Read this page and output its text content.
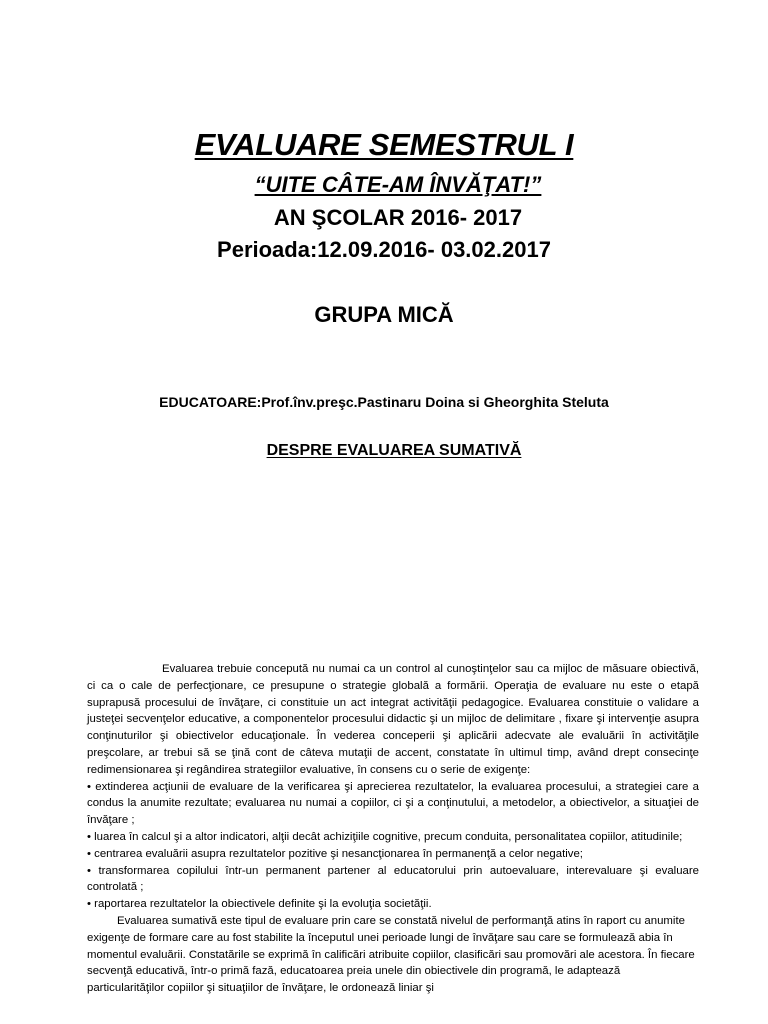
EVALUARE SEMESTRUL I
“UITE CÂTE-AM ÎNVĂŢAT!”
AN ŞCOLAR 2016- 2017
Perioada:12.09.2016- 03.02.2017
GRUPA MICĂ
EDUCATOARE:Prof.înv.preşc.Pastinaru Doina si Gheorghita Steluta
DESPRE EVALUAREA SUMATIVĂ

Evaluarea trebuie concepută nu numai ca un control al cunoştinţelor sau ca mijloc de măsuare obiectivă, ci ca o cale de perfecţionare, ce presupune o strategie globală a formării. Operaţia de evaluare nu este o etapă suprapusă procesului de învăţare, ci constituie un act integrat activităţii pedagogice. Evaluarea constituie o validare a justeţei secvenţelor educative, a componentelor procesului didactic şi un mijloc de delimitare , fixare şi intervenţie asupra conţinuturilor şi obiectivelor educaţionale. În vederea conceperii şi aplicării adecvate ale evaluării în activităţile preşcolare, ar trebui să se ţină cont de câteva mutaţii de accent, constatate în ultimul timp, având drept consecinţe redimensionarea şi regândirea strategiilor evaluative, în consens cu o serie de exigenţe:

• extinderea acţiunii de evaluare de la verificarea şi aprecierea rezultatelor, la evaluarea procesului, a strategiei care a condus la anumite rezultate; evaluarea nu numai a copiilor, ci şi a conţinutului, a metodelor, a obiectivelor, a situaţiei de învăţare ;

• luarea în calcul şi a altor indicatori, alţii decât achiziţiile cognitive, precum conduita, personalitatea copiilor, atitudinile;

• centrarea evaluării asupra rezultatelor pozitive şi nesancţionarea în permanenţă a celor negative;

• transformarea copilului într-un permanent partener al educatorului prin autoevaluare, interevaluare şi evaluare controlată ;

• raportarea rezultatelor la obiectivele definite şi la evoluţia societăţii.

Evaluarea sumativă este tipul de evaluare prin care se constată nivelul de performanţă atins în raport cu anumite exigenţe de formare care au fost stabilite la începutul unei perioade lungi de învăţare sau care se formulează abia în momentul evaluării. Constatările se exprimă în calificări atribuite copiilor, clasificări sau promovări ale acestora. În fiecare secvenţă educativă, într-o primă fază, educatoarea preia unele din obiectivele din programă, le adaptează particularităţilor copiilor şi situaţiilor de învăţare, le ordonează liniar şi
